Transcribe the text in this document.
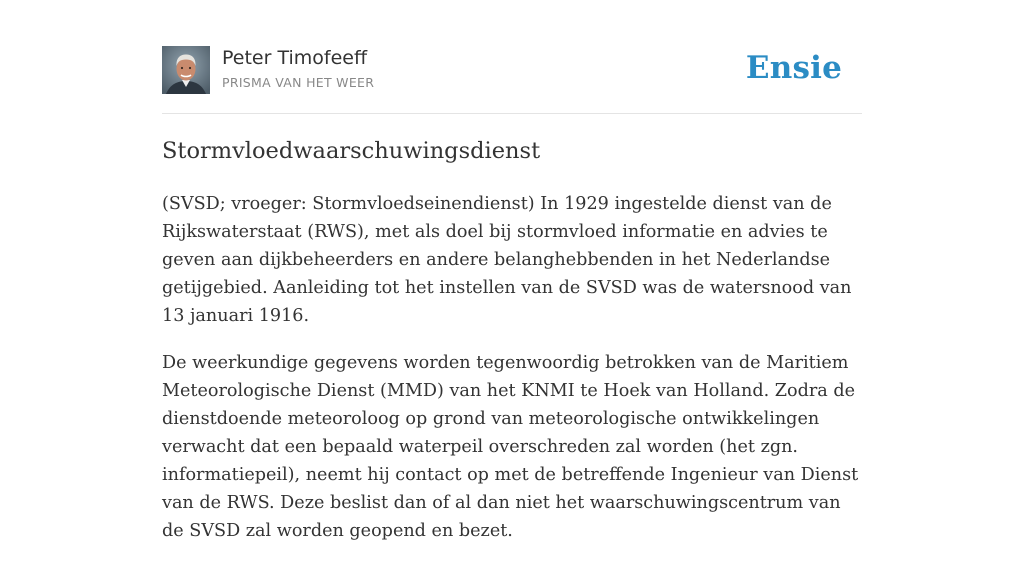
Peter Timofeeff
PRISMA VAN HET WEER	Ensie
Stormvloedwaarschuwingsdienst

(SVSD; vroeger: Stormvloedseinendienst) In 1929 ingestelde dienst van de Rijkswaterstaat (RWS), met als doel bij stormvloed informatie en advies te geven aan dijkbeheerders en andere belanghebbenden in het Nederlandse getijgebied. Aanleiding tot het instellen van de SVSD was de watersnood van 13 januari 1916.

De weerkundige gegevens worden tegenwoordig betrokken van de Maritiem Meteorologische Dienst (MMD) van het KNMI te Hoek van Holland. Zodra de dienstdoende meteoroloog op grond van meteorologische ontwikkelingen verwacht dat een bepaald waterpeil overschreden zal worden (het zgn. informatiepeil), neemt hij contact op met de betreffende Ingenieur van Dienst van de RWS. Deze beslist dan of al dan niet het waarschuwingscentrum van de SVSD zal worden geopend en bezet.
